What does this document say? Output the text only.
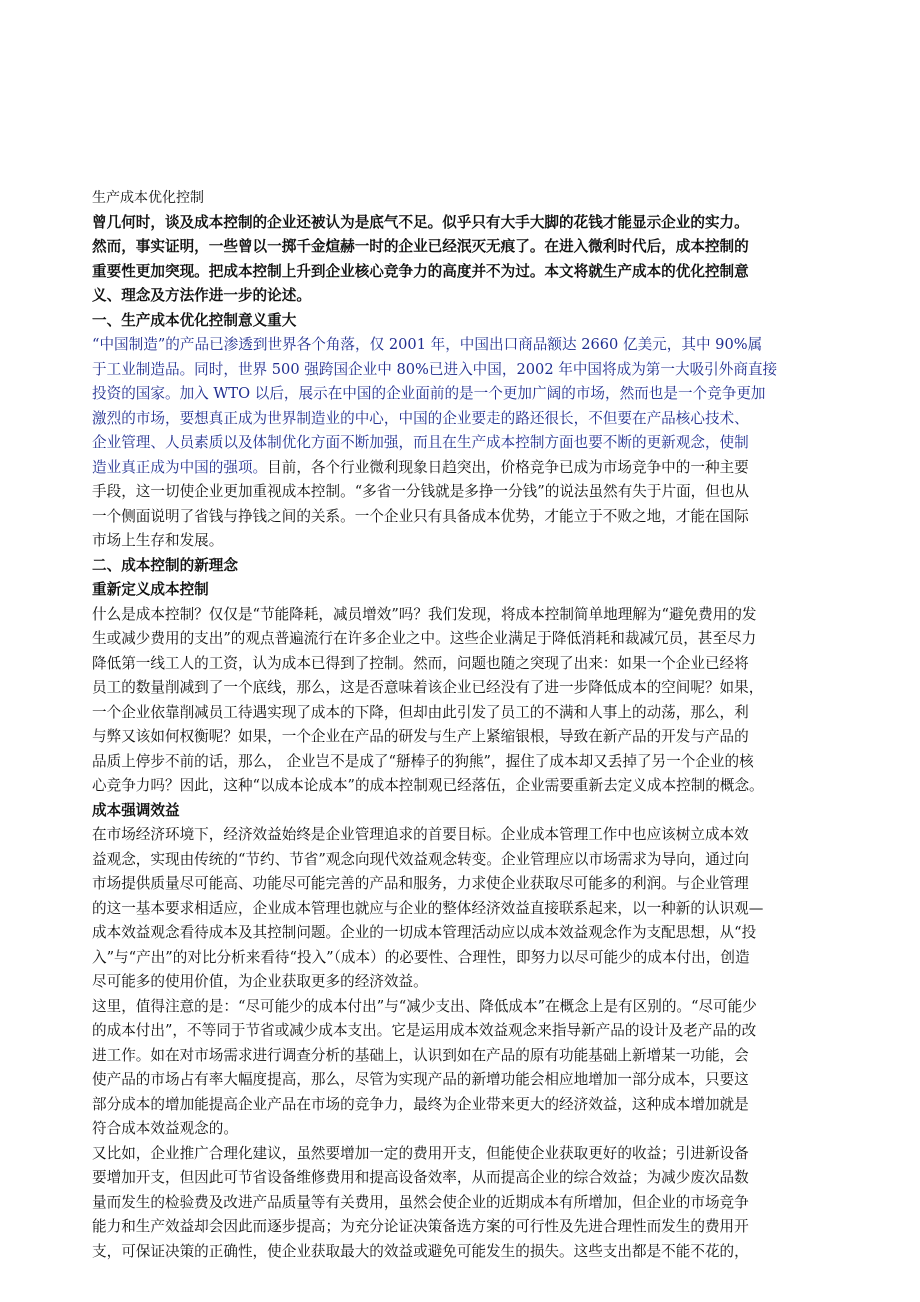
生产成本优化控制
曾几何时，谈及成本控制的企业还被认为是底气不足。似乎只有大手大脚的花钱才能显示企业的实力。
然而，事实证明，一些曾以一掷千金煊赫一时的企业已经泯灭无痕了。在进入微利时代后，成本控制的
重要性更加突现。把成本控制上升到企业核心竞争力的高度并不为过。本文将就生产成本的优化控制意
义、理念及方法作进一步的论述。
一、生产成本优化控制意义重大
“中国制造”的产品已渗透到世界各个角落，仅 2001 年，中国出口商品额达 2660 亿美元，其中 90%属
于工业制造品。同时，世界 500 强跨国企业中 80%已进入中国，2002 年中国将成为第一大吸引外商直接
投资的国家。加入 WTO 以后，展示在中国的企业面前的是一个更加广阔的市场，然而也是一个竞争更加
激烈的市场，要想真正成为世界制造业的中心，中国的企业要走的路还很长，不但要在产品核心技术、
企业管理、人员素质以及体制优化方面不断加强，而且在生产成本控制方面也要不断的更新观念，使制
造业真正成为中国的强项。目前，各个行业微利现象日趋突出，价格竞争已成为市场竞争中的一种主要
手段，这一切使企业更加重视成本控制。“多省一分钱就是多挣一分钱”的说法虽然有失于片面，但也从
一个侧面说明了省钱与挣钱之间的关系。一个企业只有具备成本优势，才能立于不败之地，才能在国际
市场上生存和发展。
二、成本控制的新理念
重新定义成本控制
什么是成本控制？仅仅是“节能降耗，减员增效”吗？我们发现，将成本控制简单地理解为“避免费用的发
生或减少费用的支出”的观点普遍流行在许多企业之中。这些企业满足于降低消耗和裁减冗员，甚至尽力
降低第一线工人的工资，认为成本已得到了控制。然而，问题也随之突现了出来：如果一个企业已经将
员工的数量削减到了一个底线，那么，这是否意味着该企业已经没有了进一步降低成本的空间呢？如果，
一个企业依靠削减员工待遇实现了成本的下降，但却由此引发了员工的不满和人事上的动荡，那么，利
与弊又该如何权衡呢？如果，一个企业在产品的研发与生产上紧缩银根，导致在新产品的开发与产品的
品质上停步不前的话，那么， 企业岂不是成了“掰棒子的狗熊”，握住了成本却又丢掉了另一个企业的核
心竞争力吗？因此，这种“以成本论成本”的成本控制观已经落伍，企业需要重新去定义成本控制的概念。
成本强调效益
在市场经济环境下，经济效益始终是企业管理追求的首要目标。企业成本管理工作中也应该树立成本效
益观念，实现由传统的“节约、节省”观念向现代效益观念转变。企业管理应以市场需求为导向，通过向
市场提供质量尽可能高、功能尽可能完善的产品和服务，力求使企业获取尽可能多的利润。与企业管理
的这一基本要求相适应，企业成本管理也就应与企业的整体经济效益直接联系起来，以一种新的认识观—
成本效益观念看待成本及其控制问题。企业的一切成本管理活动应以成本效益观念作为支配思想，从“投
入”与“产出”的对比分析来看待“投入”（成本）的必要性、合理性，即努力以尽可能少的成本付出，创造
尽可能多的使用价值，为企业获取更多的经济效益。
这里，值得注意的是：“尽可能少的成本付出”与“减少支出、降低成本”在概念上是有区别的。“尽可能少
的成本付出”，不等同于节省或减少成本支出。它是运用成本效益观念来指导新产品的设计及老产品的改
进工作。如在对市场需求进行调查分析的基础上，认识到如在产品的原有功能基础上新增某一功能，会
使产品的市场占有率大幅度提高，那么，尽管为实现产品的新增功能会相应地增加一部分成本，只要这
部分成本的增加能提高企业产品在市场的竞争力，最终为企业带来更大的经济效益，这种成本增加就是
符合成本效益观念的。
又比如，企业推广合理化建议，虽然要增加一定的费用开支，但能使企业获取更好的收益；引进新设备
要增加开支，但因此可节省设备维修费用和提高设备效率，从而提高企业的综合效益；为减少废次品数
量而发生的检验费及改进产品质量等有关费用，虽然会使企业的近期成本有所增加，但企业的市场竞争
能力和生产效益却会因此而逐步提高；为充分论证决策备选方案的可行性及先进合理性而发生的费用开
支，可保证决策的正确性，使企业获取最大的效益或避免可能发生的损失。这些支出都是不能不花的，
